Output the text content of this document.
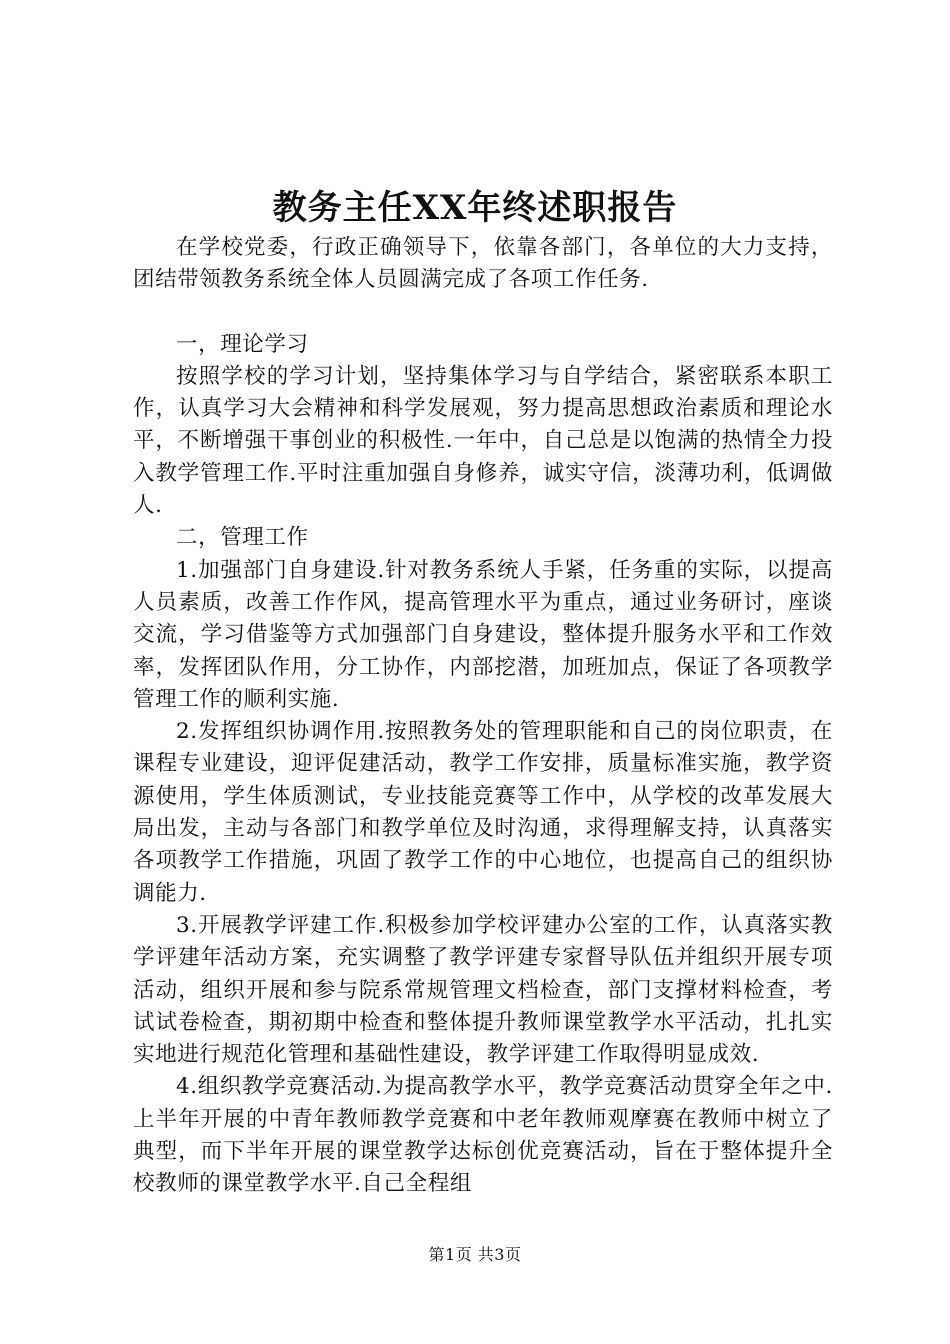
教务主任XX年终述职报告

在学校党委，行政正确领导下，依靠各部门，各单位的大力支持，团结带领教务系统全体人员圆满完成了各项工作任务.

一，理论学习

按照学校的学习计划，坚持集体学习与自学结合，紧密联系本职工作，认真学习大会精神和科学发展观，努力提高思想政治素质和理论水平，不断增强干事创业的积极性.一年中，自己总是以饱满的热情全力投入教学管理工作.平时注重加强自身修养，诚实守信，淡薄功利，低调做人.

二，管理工作

1.加强部门自身建设.针对教务系统人手紧，任务重的实际，以提高人员素质，改善工作作风，提高管理水平为重点，通过业务研讨，座谈交流，学习借鉴等方式加强部门自身建设，整体提升服务水平和工作效率，发挥团队作用，分工协作，内部挖潜，加班加点，保证了各项教学管理工作的顺利实施.

2.发挥组织协调作用.按照教务处的管理职能和自己的岗位职责，在课程专业建设，迎评促建活动，教学工作安排，质量标准实施，教学资源使用，学生体质测试，专业技能竞赛等工作中，从学校的改革发展大局出发，主动与各部门和教学单位及时沟通，求得理解支持，认真落实各项教学工作措施，巩固了教学工作的中心地位，也提高自己的组织协调能力.

3.开展教学评建工作.积极参加学校评建办公室的工作，认真落实教学评建年活动方案，充实调整了教学评建专家督导队伍并组织开展专项活动，组织开展和参与院系常规管理文档检查，部门支撑材料检查，考试试卷检查，期初期中检查和整体提升教师课堂教学水平活动，扎扎实实地进行规范化管理和基础性建设，教学评建工作取得明显成效.

4.组织教学竞赛活动.为提高教学水平，教学竞赛活动贯穿全年之中.上半年开展的中青年教师教学竞赛和中老年教师观摩赛在教师中树立了典型，而下半年开展的课堂教学达标创优竞赛活动，旨在于整体提升全校教师的课堂教学水平.自己全程组

第1页 共3页
